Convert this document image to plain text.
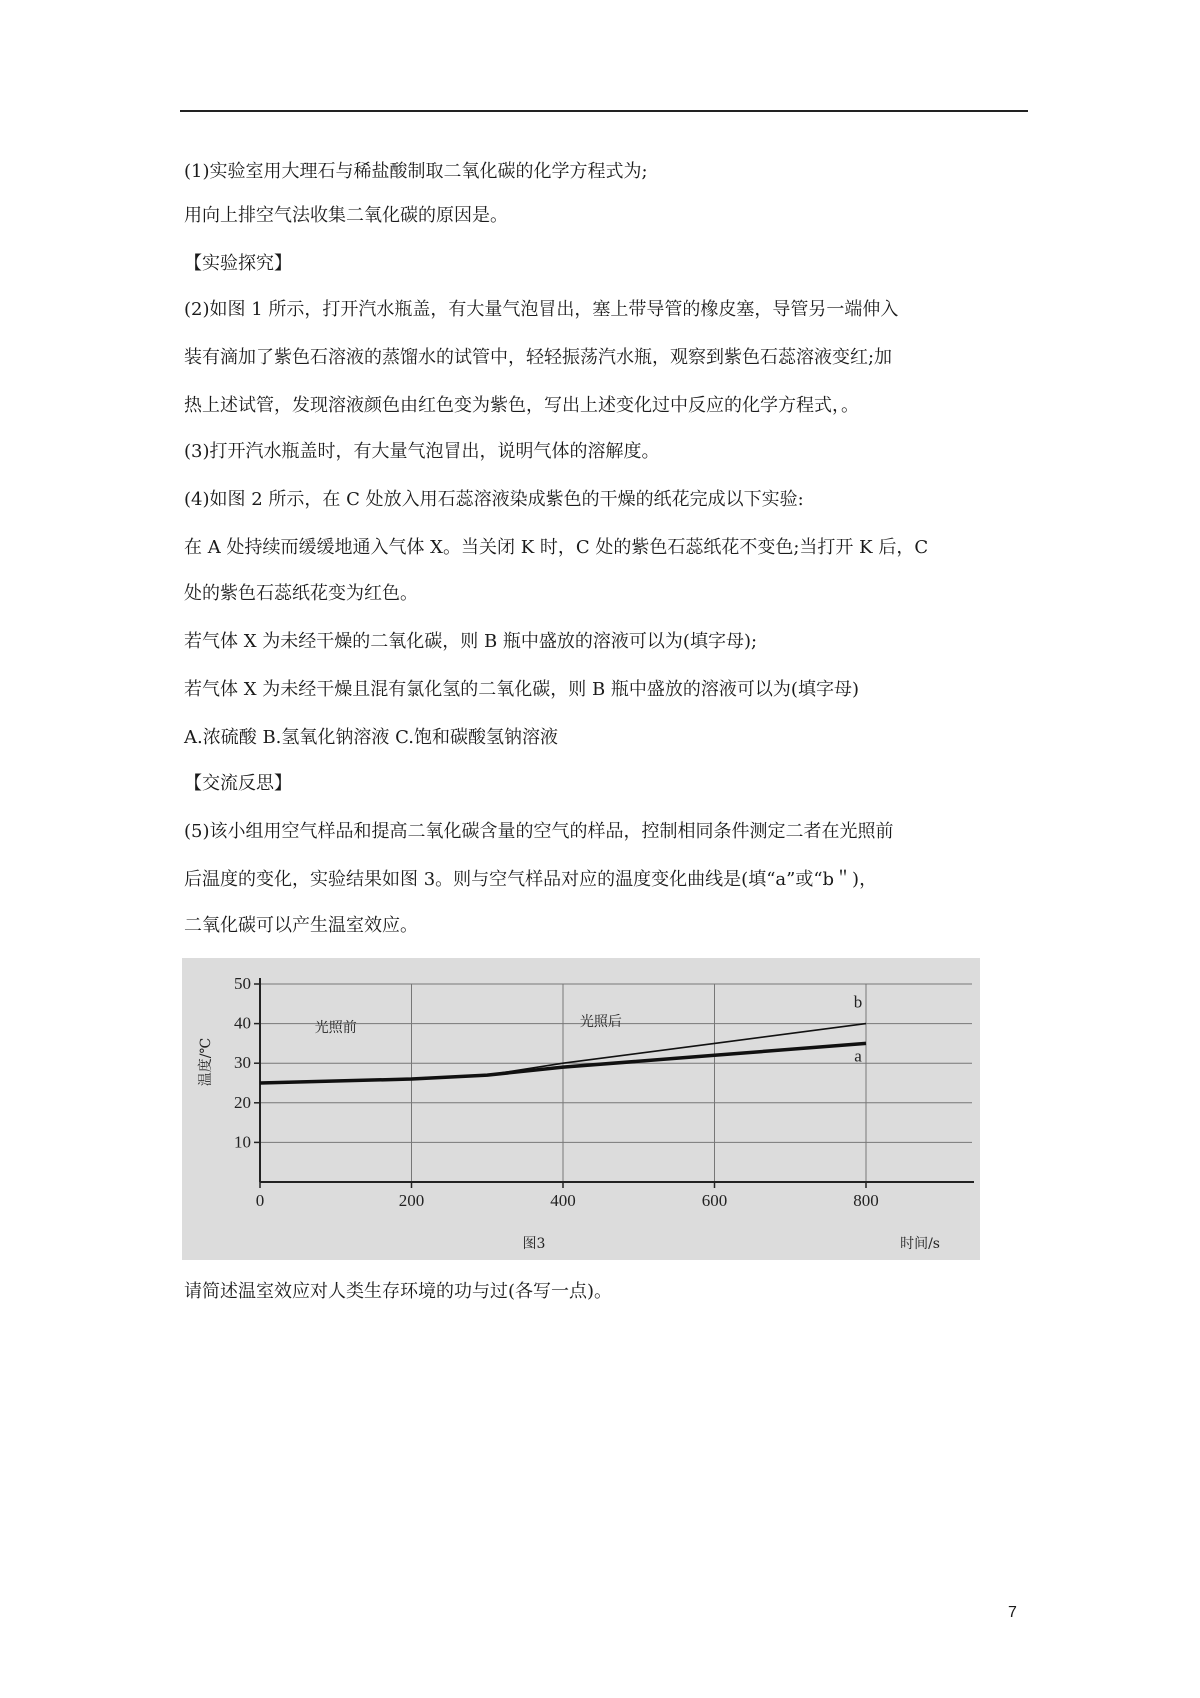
(1)实验室用大理石与稀盐酸制取二氧化碳的化学方程式为;
用向上排空气法收集二氧化碳的原因是。
【实验探究】
(2)如图 1 所示，打开汽水瓶盖，有大量气泡冒出，塞上带导管的橡皮塞，导管另一端伸入
装有滴加了紫色石溶液的蒸馏水的试管中，轻轻振荡汽水瓶，观察到紫色石蕊溶液变红;加
热上述试管，发现溶液颜色由红色变为紫色，写出上述变化过中反应的化学方程式，。
(3)打开汽水瓶盖时，有大量气泡冒出，说明气体的溶解度。
(4)如图 2 所示，在 C 处放入用石蕊溶液染成紫色的干燥的纸花完成以下实验:
在 A 处持续而缓缓地通入气体 X。当关闭 K 时，C 处的紫色石蕊纸花不变色;当打开 K 后，C
处的紫色石蕊纸花变为红色。
若气体 X 为未经干燥的二氧化碳，则 B 瓶中盛放的溶液可以为(填字母);
若气体 X 为未经干燥且混有氯化氢的二氧化碳，则 B 瓶中盛放的溶液可以为(填字母)
A.浓硫酸 B.氢氧化钠溶液 C.饱和碳酸氢钠溶液
【交流反思】
(5)该小组用空气样品和提高二氧化碳含量的空气的样品，控制相同条件测定二者在光照前
后温度的变化，实验结果如图 3。则与空气样品对应的温度变化曲线是(填“a”或“b＂)，
二氧化碳可以产生温室效应。
10
20
30
40
50
0	200	400	600	800
温度/℃
时间/s
图3
光照前	光照后
a
b
请简述温室效应对人类生存环境的功与过(各写一点)。
7
